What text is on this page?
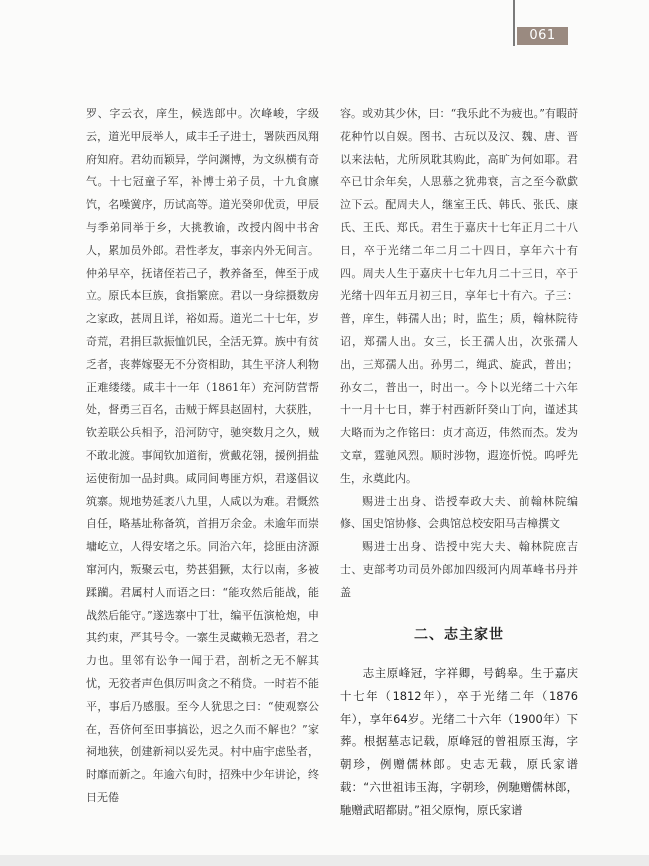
061

罗、字云衣，庠生，候选郎中。次峰峻，字级云，道光甲辰举人，咸丰壬子进士，署陕西凤翔府知府。君幼而颖异，学问渊博，为文纵横有奇气。十七冠童子军，补博士弟子员，十九食廪饩，名噪黉序，历试高等。道光癸卯优贡，甲辰与季弟同举于乡，大挑教谕，改授内阁中书舍人，累加员外郎。君性孝友，事亲内外无间言。仲弟早卒，抚诸侄若己子，教养备至，俾至于成立。原氏本巨族，食指繁庶。君以一身综摄数房之家政，甚周且详，裕如焉。道光二十七年，岁奇荒，君捐巨款振恤饥民，全活无算。族中有贫乏者，丧葬嫁娶无不分资相助，其生平济人利物正难缕缕。咸丰十一年（1861年）充河防营帮处，督勇三百名，击贼于辉县赵固村，大获胜，钦差联公兵相予，沿河防守，驰突数月之久，贼不敢北渡。事闻钦加道衔，赏戴花翎，援例捐盐运使衔加一品封典。咸同间粤匪方炽，君遂倡议筑寨。规地势延袤八九里，人咸以为难。君慨然自任，略基址称备筑，首捐万余金。未逾年而崇墉屹立，人得安堵之乐。同治六年，捻匪由济源窜河内，叛聚云屯，势甚猖獗，太行以南，多被蹂躏。君属村人而语之曰：“能攻然后能战，能战然后能守。”遂选寨中丁壮，编平伍演枪炮，申其约束，严其号令。一寨生灵藏赖无恐者，君之力也。里邻有讼争一闻于君，剖析之无不解其忧，无狡者声色俱厉叫贪之不稍贷。一时若不能平，事后乃感服。至今人犹思之曰：“使观察公在，吾侪何至田事搞讼，迟之久而不解也？”家祠地狭，创建新祠以妥先灵。村中庙宇虑坠者，时靡而新之。年逾六旬时，招殊中少年讲论，终日无倦

容。或劝其少休，曰：“我乐此不为疲也。”有暇莳花种竹以自娱。图书、古玩以及汉、魏、唐、晋以来法帖，尤所夙耽其购此，高旷为何如耶。君卒已廿余年矣，人思慕之犹弗衰，言之至今欷歔泣下云。配周夫人，继室王氏、韩氏、张氏、康氏、王氏、郑氏。君生于嘉庆十七年正月二十八日，卒于光绪二年二月二十四日，享年六十有四。周夫人生于嘉庆十七年九月二十三日，卒于光绪十四年五月初三日，享年七十有六。子三：普，庠生，韩孺人出；时，监生；质，翰林院待诏，郑孺人出。女三，长王孺人出，次张孺人出，三郑孺人出。孙男二，绳武、旋武，普出；孙女二，普出一，时出一。今卜以光绪二十六年十一月十七日，葬于村西新阡癸山丁向，谨述其大略而为之作铭曰：贞才高迈，伟然而杰。发为文章，霆驰风烈。顺时涉物，遐迩忻悦。呜呼先生，永奠此内。

赐进士出身、诰授奉政大夫、前翰林院编修、国史馆协修、会典馆总校安阳马吉樟撰文

赐进士出身、诰授中宪大夫、翰林院庶吉士、吏部考功司员外郎加四级河内周革峰书丹并盖

二、志主家世

志主原峰冠，字祥卿，号鹤皋。生于嘉庆十七年（1812年），卒于光绪二年（1876年），享年64岁。光绪二十六年（1900年）下葬。根据墓志记载，原峰冠的曾祖原玉海，字朝珍，例赠儒林郎。史志无载，原氏家谱载：“六世祖讳玉海，字朝珍，例馳赠儒林郎，馳赠武昭都尉。”祖父原恂，原氏家谱
